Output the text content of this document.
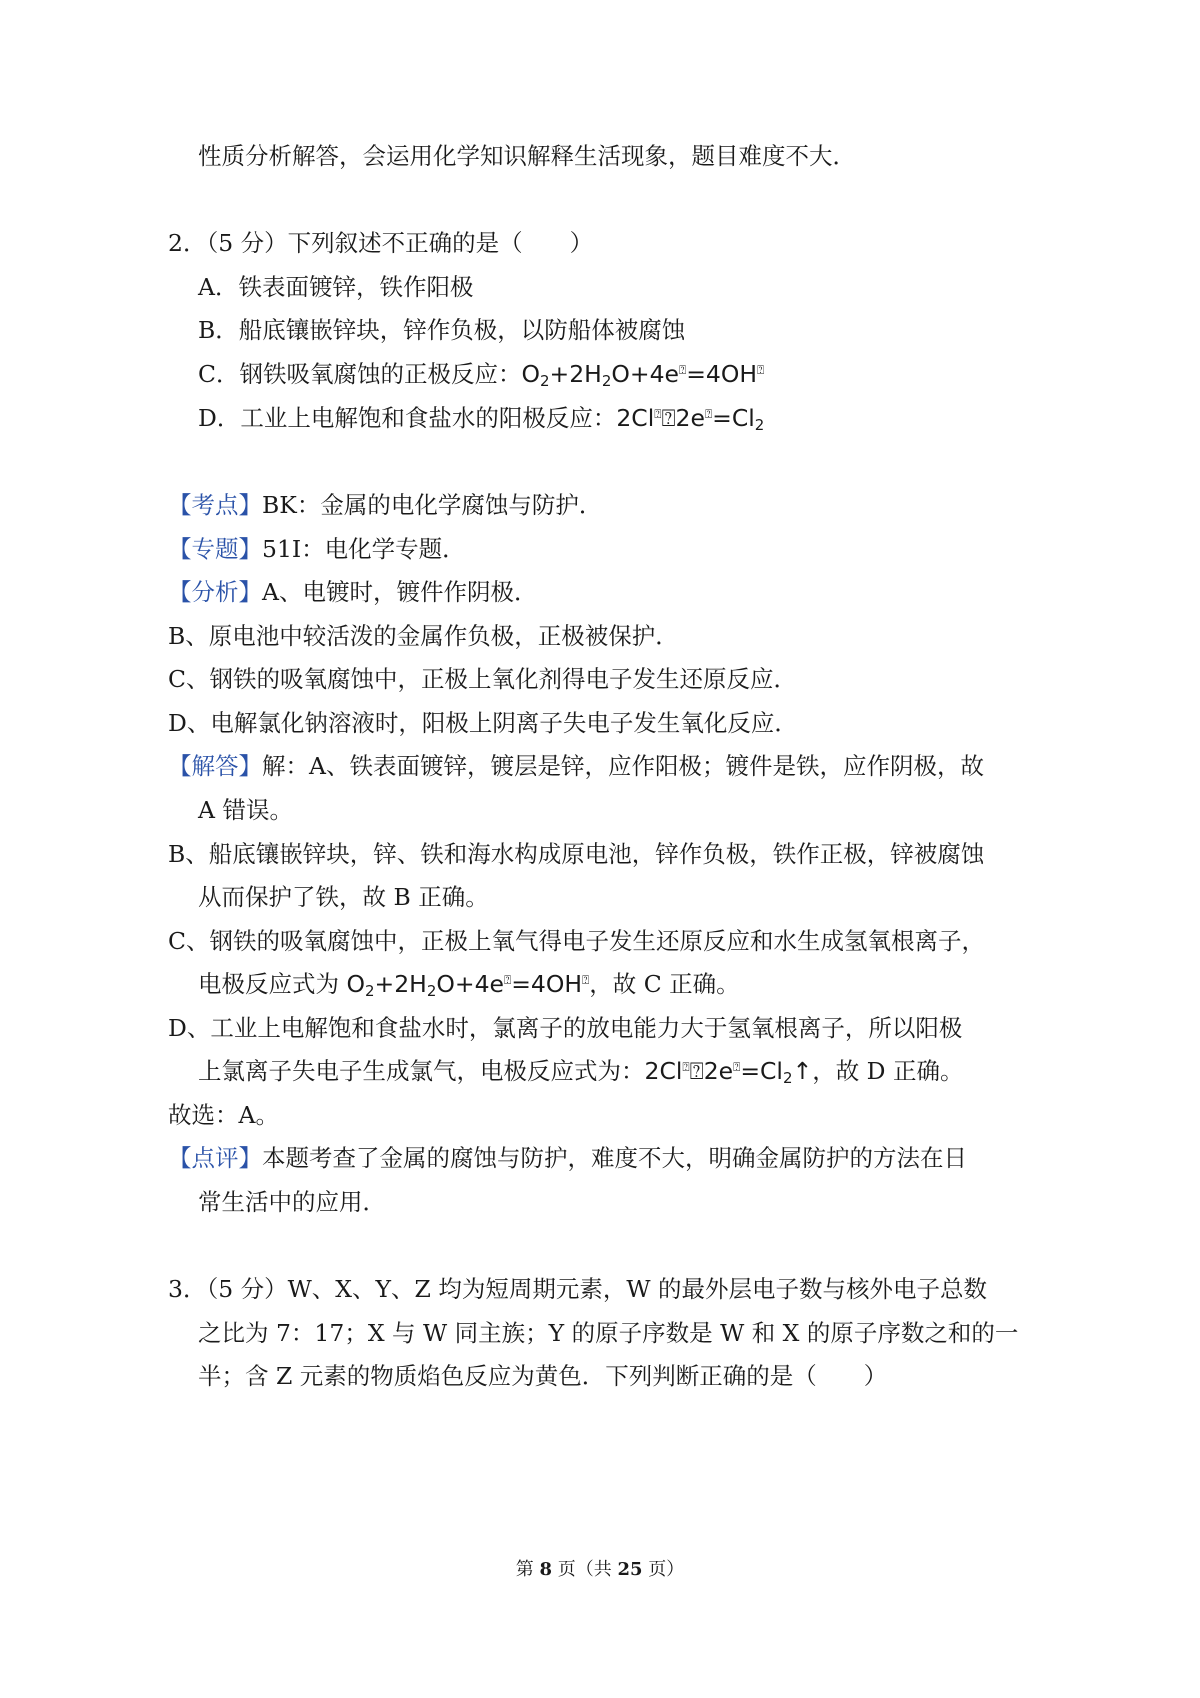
性质分析解答，会运用化学知识解释生活现象，题目难度不大．
2．（5 分）下列叙述不正确的是（　　）
A．铁表面镀锌，铁作阳极
B．船底镶嵌锌块，锌作负极，以防船体被腐蚀
C．钢铁吸氧腐蚀的正极反应：$O_2+2H_2O+4e^⍰=4OH^⍰$
D．工业上电解饱和食盐水的阳极反应：$2Cl^⍰⍰2e^⍰=Cl_2$
【考点】BK：金属的电化学腐蚀与防护．
【专题】51I：电化学专题．
【分析】A、电镀时，镀件作阴极．
B、原电池中较活泼的金属作负极，正极被保护．
C、钢铁的吸氧腐蚀中，正极上氧化剂得电子发生还原反应．
D、电解氯化钠溶液时，阳极上阴离子失电子发生氧化反应．
【解答】解：A、铁表面镀锌，镀层是锌，应作阳极；镀件是铁，应作阴极，故
A 错误。
B、船底镶嵌锌块，锌、铁和海水构成原电池，锌作负极，铁作正极，锌被腐蚀
从而保护了铁，故 B 正确。
C、钢铁的吸氧腐蚀中，正极上氧气得电子发生还原反应和水生成氢氧根离子，
电极反应式为 $O_2+2H_2O+4e^⍰=4OH^⍰$，故 C 正确。
D、工业上电解饱和食盐水时，氯离子的放电能力大于氢氧根离子，所以阳极
上氯离子失电子生成氯气，电极反应式为：$2Cl^⍰⍰2e^⍰=Cl_2↑$，故 D 正确。
故选：A。
【点评】本题考查了金属的腐蚀与防护，难度不大，明确金属防护的方法在日
常生活中的应用．
3．（5 分）W、X、Y、Z 均为短周期元素，W 的最外层电子数与核外电子总数
之比为 7：17；X 与 W 同主族；Y 的原子序数是 W 和 X 的原子序数之和的一
半；含 Z 元素的物质焰色反应为黄色．下列判断正确的是（　　）
第 8 页（共 25 页）
